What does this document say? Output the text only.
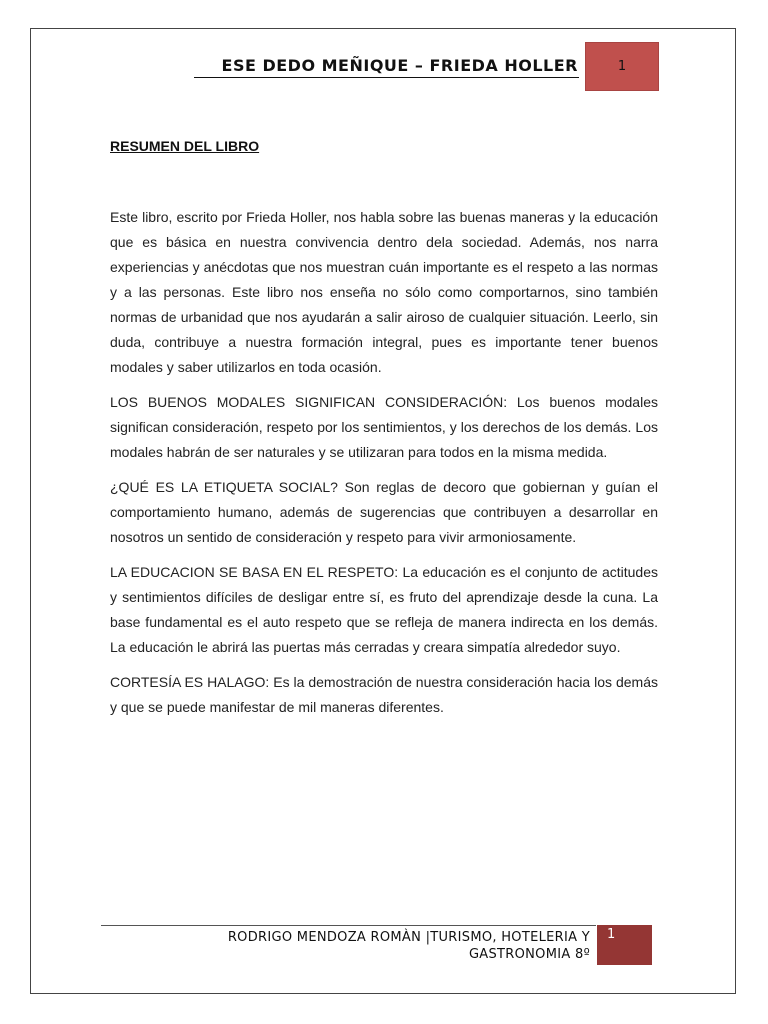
ESE DEDO MEÑIQUE – FRIEDA HOLLER	1
RESUMEN DEL LIBRO

Este libro, escrito por Frieda Holler, nos habla sobre las buenas maneras y la educación que es básica en nuestra convivencia dentro dela sociedad. Además, nos narra experiencias y anécdotas que nos muestran cuán importante es el respeto a las normas y a las personas. Este libro nos enseña no sólo como comportarnos, sino también normas de urbanidad que nos ayudarán a salir airoso de cualquier situación. Leerlo, sin duda, contribuye a nuestra formación integral, pues es importante tener buenos modales y saber utilizarlos en toda ocasión.

LOS BUENOS MODALES SIGNIFICAN CONSIDERACIÓN: Los buenos modales significan consideración, respeto por los sentimientos, y los derechos de los demás. Los modales habrán de ser naturales y se utilizaran para todos en la misma medida.

¿QUÉ ES LA ETIQUETA SOCIAL? Son reglas de decoro que gobiernan y guían el comportamiento humano, además de sugerencias que contribuyen a desarrollar en nosotros un sentido de consideración y respeto para vivir armoniosamente.

LA EDUCACION SE BASA EN EL RESPETO: La educación es el conjunto de actitudes y sentimientos difíciles de desligar entre sí, es fruto del aprendizaje desde la cuna. La base fundamental es el auto respeto que se refleja de manera indirecta en los demás. La educación le abrirá las puertas más cerradas y creara simpatía alrededor suyo.

CORTESÍA ES HALAGO: Es la demostración de nuestra consideración hacia los demás y que se puede manifestar de mil maneras diferentes.

RODRIGO MENDOZA ROMÀN |TURISMO, HOTELERIA Y
GASTRONOMIA 8º
1
